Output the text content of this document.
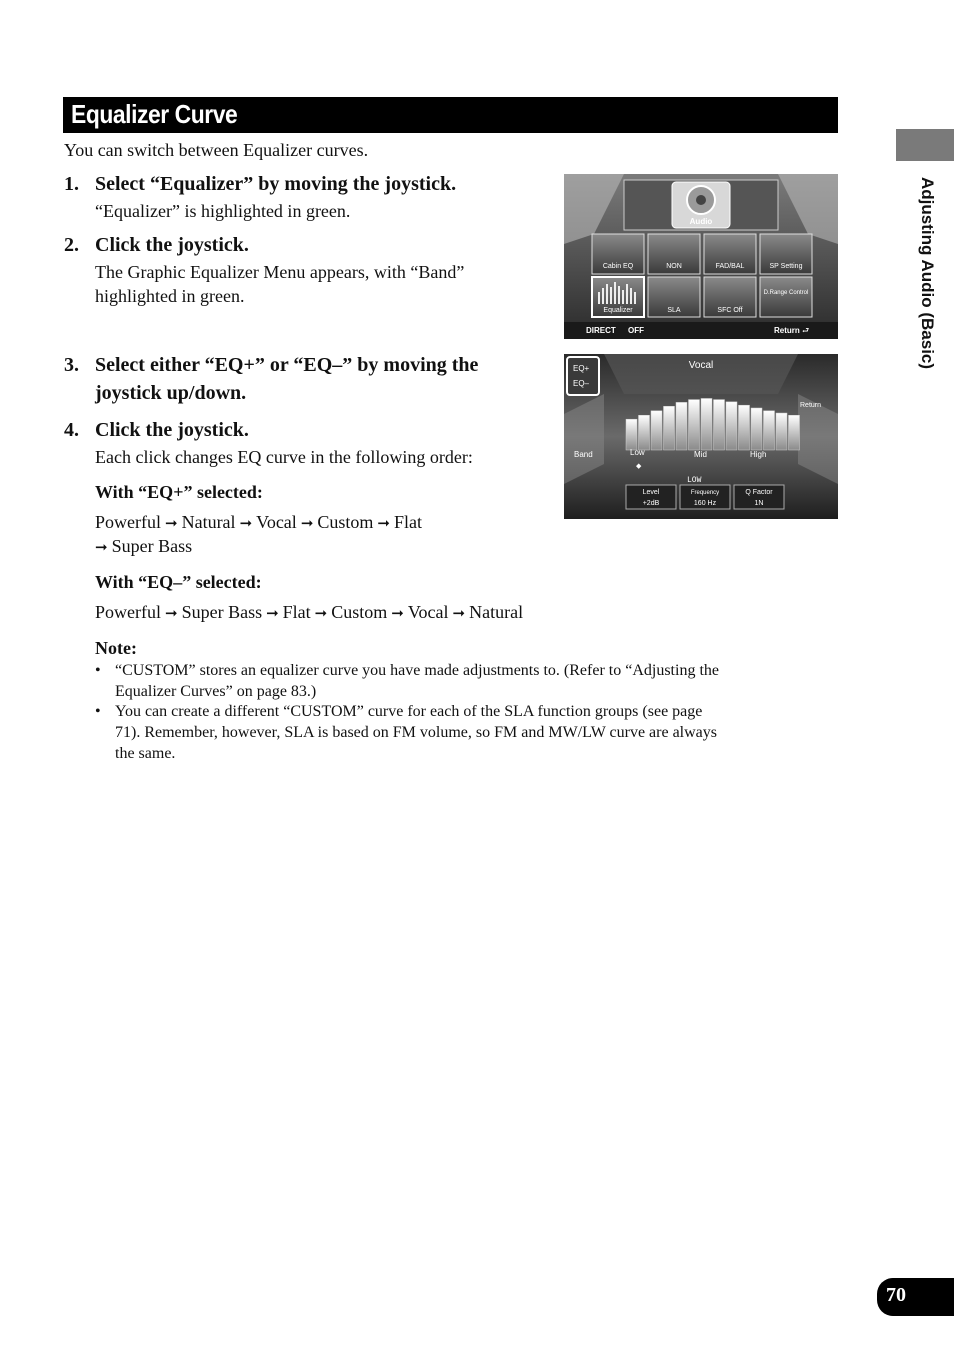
Equalizer Curve
You can switch between Equalizer curves.
1. Select “Equalizer” by moving the joystick.
“Equalizer” is highlighted in green.
2. Click the joystick.
The Graphic Equalizer Menu appears, with “Band”
highlighted in green.
3. Select either “EQ+” or “EQ–” by moving the
joystick up/down.
4. Click the joystick.
Each click changes EQ curve in the following order:
With “EQ+” selected:
Powerful ➞ Natural ➞ Vocal ➞ Custom ➞ Flat
➞ Super Bass
With “EQ–” selected:
Powerful ➞ Super Bass ➞ Flat ➞ Custom ➞ Vocal ➞ Natural
Note:
• “CUSTOM” stores an equalizer curve you have made adjustments to. (Refer to “Adjusting the
Equalizer Curves” on page 83.)
• You can create a different “CUSTOM” curve for each of the SLA function groups (see page
71). Remember, however, SLA is based on FM volume, so FM and MW/LW curve are always
the same.
Audio
Cabin EQ	NON	FAD/BAL	SP Setting
Equalizer	SLA	SFC Off
D.Range Control
DIRECT OFF	Return ⮐
Vocal
EQ+
EQ–
Return
Band	Low	Mid	High
◆
LOW
Level
+2dB
Frequency
160 Hz
Q Factor
1N
Adjusting Audio (Basic)
70
